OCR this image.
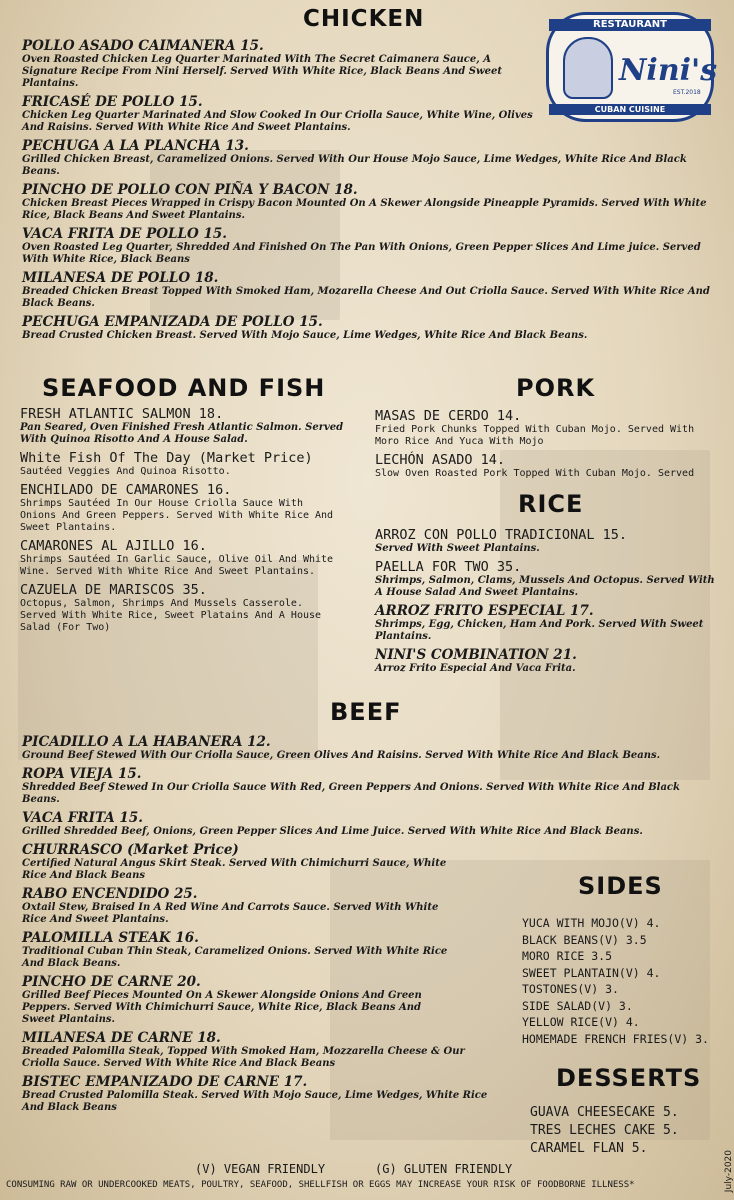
RESTAURANT
Nini's
EST.2018
CUBAN CUISINE
CHICKEN
POLLO ASADO CAIMANERA 15.
Oven Roasted Chicken Leg Quarter Marinated With The Secret Caimanera Sauce, A Signature Recipe From Nini Herself. Served With White Rice, Black Beans And Sweet Plantains.
FRICASÉ DE POLLO 15.
Chicken Leg Quarter Marinated And Slow Cooked In Our Criolla Sauce, White Wine, Olives And Raisins. Served With White Rice And Sweet Plantains.
PECHUGA A LA PLANCHA 13.
Grilled Chicken Breast, Caramelized Onions. Served With Our House Mojo Sauce, Lime Wedges, White Rice And Black Beans.
PINCHO DE POLLO CON PIÑA Y BACON 18.
Chicken Breast Pieces Wrapped in Crispy Bacon Mounted On A Skewer Alongside Pineapple Pyramids. Served With White Rice, Black Beans And Sweet Plantains.
VACA FRITA DE POLLO 15.
Oven Roasted Leg Quarter, Shredded And Finished On The Pan With Onions, Green Pepper Slices And Lime juice. Served With White Rice, Black Beans
MILANESA DE POLLO 18.
Breaded Chicken Breast Topped With Smoked Ham, Mozarella Cheese And Out Criolla Sauce. Served With White Rice And Black Beans.
PECHUGA EMPANIZADA DE POLLO 15.
Bread Crusted Chicken Breast. Served With Mojo Sauce, Lime Wedges, White Rice And Black Beans.
SEAFOOD AND FISH
FRESH ATLANTIC SALMON 18.
Pan Seared, Oven Finished Fresh Atlantic Salmon. Served With Quinoa Risotto And A House Salad.
White Fish Of The Day (Market Price)
Sautéed Veggies And Quinoa Risotto.
ENCHILADO DE CAMARONES 16.
Shrimps Sautéed In Our House Criolla Sauce With Onions And Green Peppers. Served With White Rice And Sweet Plantains.
CAMARONES AL AJILLO 16.
Shrimps Sautéed In Garlic Sauce, Olive Oil And White Wine. Served With White Rice And Sweet Plantains.
CAZUELA DE MARISCOS 35.
Octopus, Salmon, Shrimps And Mussels Casserole. Served With White Rice, Sweet Platains And A House Salad (For Two)
PORK
MASAS DE CERDO 14.
Fried Pork Chunks Topped With Cuban Mojo. Served With Moro Rice And Yuca With Mojo
LECHÓN ASADO 14.
Slow Oven Roasted Pork Topped With Cuban Mojo. Served
RICE
ARROZ CON POLLO TRADICIONAL 15.
Served With Sweet Plantains.
PAELLA FOR TWO 35.
Shrimps, Salmon, Clams, Mussels And Octopus. Served With A House Salad And Sweet Plantains.
ARROZ FRITO ESPECIAL 17.
Shrimps, Egg, Chicken, Ham And Pork. Served With Sweet Plantains.
NINI'S COMBINATION 21.
Arroz Frito Especial And Vaca Frita.
BEEF
PICADILLO A LA HABANERA 12.
Ground Beef Stewed With Our Criolla Sauce, Green Olives And Raisins. Served With White Rice And Black Beans.
ROPA VIEJA 15.
Shredded Beef Stewed In Our Criolla Sauce With Red, Green Peppers And Onions. Served With White Rice And Black Beans.
VACA FRITA 15.
Grilled Shredded Beef, Onions, Green Pepper Slices And Lime Juice. Served With White Rice And Black Beans.
CHURRASCO (Market Price)
Certified Natural Angus Skirt Steak. Served With Chimichurri Sauce, White Rice And Black Beans
RABO ENCENDIDO 25.
Oxtail Stew, Braised In A Red Wine And Carrots Sauce. Served With White Rice And Sweet Plantains.
PALOMILLA STEAK 16.
Traditional Cuban Thin Steak, Caramelized Onions. Served With White Rice And Black Beans.
PINCHO DE CARNE 20.
Grilled Beef Pieces Mounted On A Skewer Alongside Onions And Green Peppers. Served With Chimichurri Sauce, White Rice, Black Beans And Sweet Plantains.
MILANESA DE CARNE 18.
Breaded Palomilla Steak, Topped With Smoked Ham, Mozzarella Cheese & Our Criolla Sauce. Served With White Rice And Black Beans
BISTEC EMPANIZADO DE CARNE 17.
Bread Crusted Palomilla Steak. Served With Mojo Sauce, Lime Wedges, White Rice And Black Beans
SIDES
YUCA WITH MOJO(V) 4.
BLACK BEANS(V) 3.5
MORO RICE 3.5
SWEET PLANTAIN(V) 4.
TOSTONES(V) 3.
SIDE SALAD(V) 3.
YELLOW RICE(V) 4.
HOMEMADE FRENCH FRIES(V) 3.
DESSERTS
GUAVA CHEESECAKE 5.
TRES LECHES CAKE 5.
CARAMEL FLAN 5.
(V) VEGAN FRIENDLY	(G) GLUTEN FRIENDLY
CONSUMING RAW OR UNDERCOOKED MEATS, POULTRY, SEAFOOD, SHELLFISH OR EGGS MAY INCREASE YOUR RISK OF FOODBORNE ILLNESS*	July-2020
